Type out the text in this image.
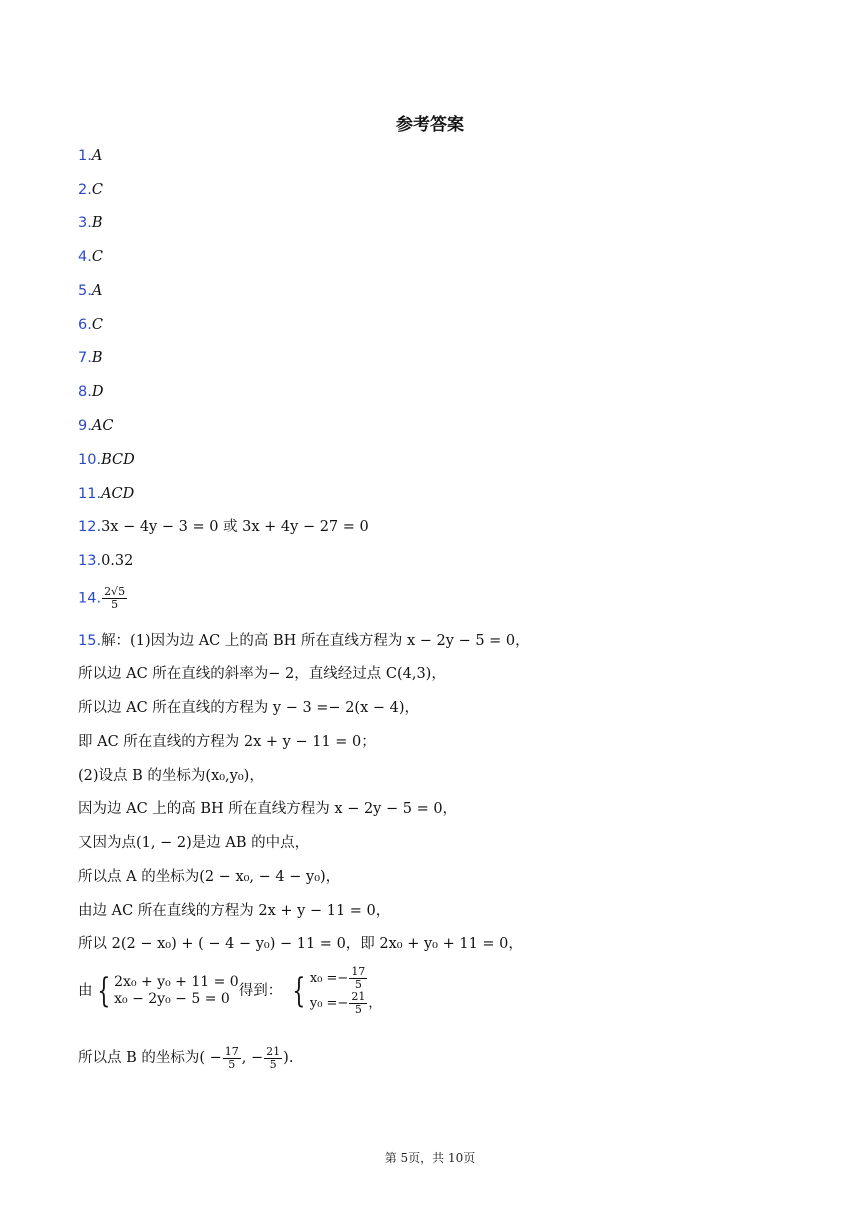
参考答案
1.A
2.C
3.B
4.C
5.A
6.C
7.B
8.D
9.AC
10.BCD
11.ACD
12.3x − 4y − 3 = 0 或 3x + 4y − 27 = 0
13.0.32
14. $\frac{2√5}{5}$
15.解：(1)因为边 AC 上的高 BH 所在直线方程为 x − 2y − 5 = 0，
所以边 AC 所在直线的斜率为− 2，直线经过点 C(4,3)，
所以边 AC 所在直线的方程为 y − 3 =− 2(x − 4)，
即 AC 所在直线的方程为 2x + y − 11 = 0；
(2)设点 B 的坐标为(x₀,y₀)，
因为边 AC 上的高 BH 所在直线方程为 x − 2y − 5 = 0，
又因为点(1, − 2)是边 AB 的中点，
所以点 A 的坐标为(2 − x₀, − 4 − y₀)，
由边 AC 所在直线的方程为 2x + y − 11 = 0，
所以 2(2 − x₀) + ( − 4 − y₀) − 11 = 0，即 2x₀ + y₀ + 11 = 0，
由 { 2x₀ + y₀ + 11 = 0
x₀ − 2y₀ − 5 = 0 得到： { $x_0 =- \frac{17}{5}$
$y_0 =- \frac{21}{5}$ ，
所以点 B 的坐标为( − $\frac{17}{5}$ , − $\frac{21}{5}$ ).
第 5页，共 10页
